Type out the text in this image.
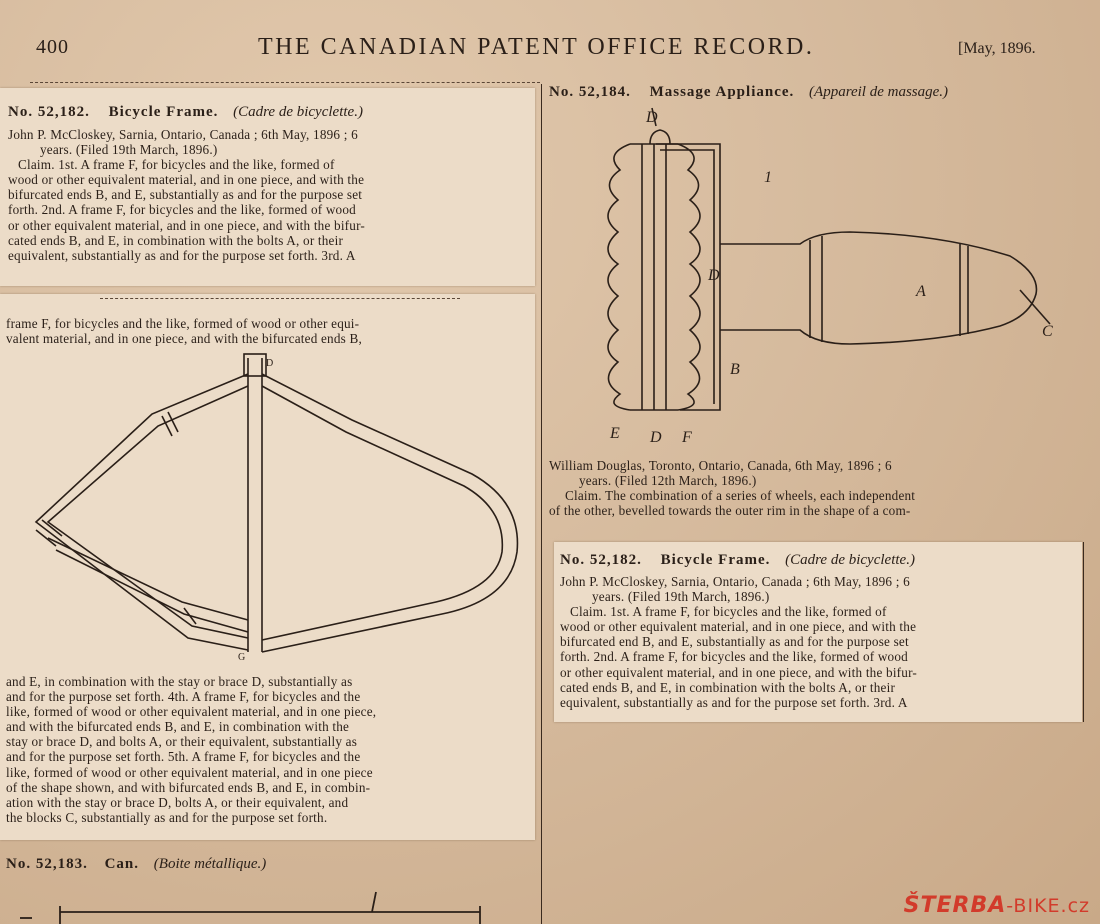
400	THE CANADIAN PATENT OFFICE RECORD.	[May, 1896.
No. 52,182. Bicycle Frame. (Cadre de bicyclette.)
John P. McCloskey, Sarnia, Ontario, Canada ; 6th May, 1896 ; 6
years. (Filed 19th March, 1896.)
Claim. 1st. A frame F, for bicycles and the like, formed of
wood or other equivalent material, and in one piece, and with the
bifurcated ends B, and E, substantially as and for the purpose set
forth. 2nd. A frame F, for bicycles and the like, formed of wood
or other equivalent material, and in one piece, and with the bifur-
cated ends B, and E, in combination with the bolts A, or their
equivalent, substantially as and for the purpose set forth. 3rd. A
frame F, for bicycles and the like, formed of wood or other equi-
valent material, and in one piece, and with the bifurcated ends B,
D
G
and E, in combination with the stay or brace D, substantially as
and for the purpose set forth. 4th. A frame F, for bicycles and the
like, formed of wood or other equivalent material, and in one piece,
and with the bifurcated ends B, and E, in combination with the
stay or brace D, and bolts A, or their equivalent, substantially as
and for the purpose set forth. 5th. A frame F, for bicycles and the
like, formed of wood or other equivalent material, and in one piece
of the shape shown, and with bifurcated ends B, and E, in combin-
ation with the stay or brace D, bolts A, or their equivalent, and
the blocks C, substantially as and for the purpose set forth.
No. 52,183. Can. (Boite métallique.)
No. 52,184. Massage Appliance. (Appareil de massage.)
D
A
C
B
E D F
D
1
William Douglas, Toronto, Ontario, Canada, 6th May, 1896 ; 6
years. (Filed 12th March, 1896.)
Claim. The combination of a series of wheels, each independent
of the other, bevelled towards the outer rim in the shape of a com-
No. 52,182. Bicycle Frame. (Cadre de bicyclette.)
John P. McCloskey, Sarnia, Ontario, Canada ; 6th May, 1896 ; 6
years. (Filed 19th March, 1896.)
Claim. 1st. A frame F, for bicycles and the like, formed of
wood or other equivalent material, and in one piece, and with the
bifurcated end B, and E, substantially as and for the purpose set
forth. 2nd. A frame F, for bicycles and the like, formed of wood
or other equivalent material, and in one piece, and with the bifur-
cated ends B, and E, in combination with the bolts A, or their
equivalent, substantially as and for the purpose set forth. 3rd. A
ŠTERBA-BIKE.cz
